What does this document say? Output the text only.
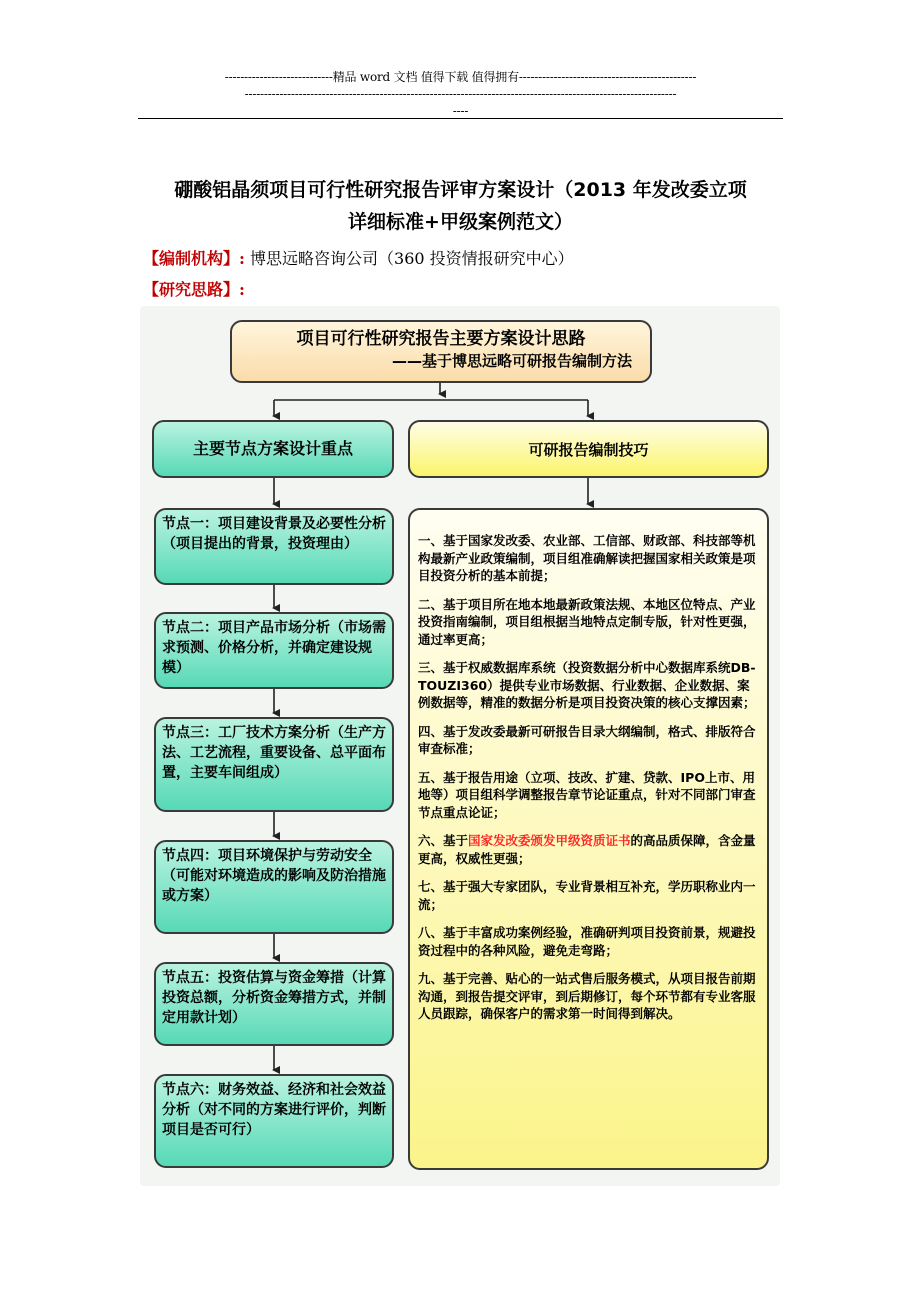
----------------------------精品 word 文档 值得下载 值得拥有----------------------------------------------
----------------------------------------------------------------------------------------------------------------
----
硼酸铝晶须项目可行性研究报告评审方案设计（2013 年发改委立项
详细标准+甲级案例范文）
【编制机构】: 博思远略咨询公司（360 投资情报研究中心）
【研究思路】:
项目可行性研究报告主要方案设计思路
——基于博思远略可研报告编制方法
主要节点方案设计重点	可研报告编制技巧
节点一：项目建设背景及必要性分析（项目提出的背景，投资理由）
节点二：项目产品市场分析（市场需求预测、价格分析，并确定建设规模）
节点三：工厂技术方案分析（生产方法、工艺流程，重要设备、总平面布置，主要车间组成）
节点四：项目环境保护与劳动安全（可能对环境造成的影响及防治措施或方案）
节点五：投资估算与资金筹措（计算投资总额，分析资金筹措方式，并制定用款计划）
节点六：财务效益、经济和社会效益分析（对不同的方案进行评价，判断项目是否可行）

一、基于国家发改委、农业部、工信部、财政部、科技部等机构最新产业政策编制，项目组准确解读把握国家相关政策是项目投资分析的基本前提；

二、基于项目所在地本地最新政策法规、本地区位特点、产业投资指南编制，项目组根据当地特点定制专版，针对性更强，通过率更高；

三、基于权威数据库系统（投资数据分析中心数据库系统DB-TOUZI360）提供专业市场数据、行业数据、企业数据、案例数据等，精准的数据分析是项目投资决策的核心支撑因素；

四、基于发改委最新可研报告目录大纲编制，格式、排版符合审查标准；

五、基于报告用途（立项、技改、扩建、贷款、IPO上市、用地等）项目组科学调整报告章节论证重点，针对不同部门审查节点重点论证；

六、基于国家发改委颁发甲级资质证书的高品质保障，含金量更高，权威性更强；

七、基于强大专家团队，专业背景相互补充，学历职称业内一流；

八、基于丰富成功案例经验，准确研判项目投资前景，规避投资过程中的各种风险，避免走弯路；

九、基于完善、贴心的一站式售后服务模式，从项目报告前期沟通，到报告提交评审，到后期修订，每个环节都有专业客服人员跟踪，确保客户的需求第一时间得到解决。
